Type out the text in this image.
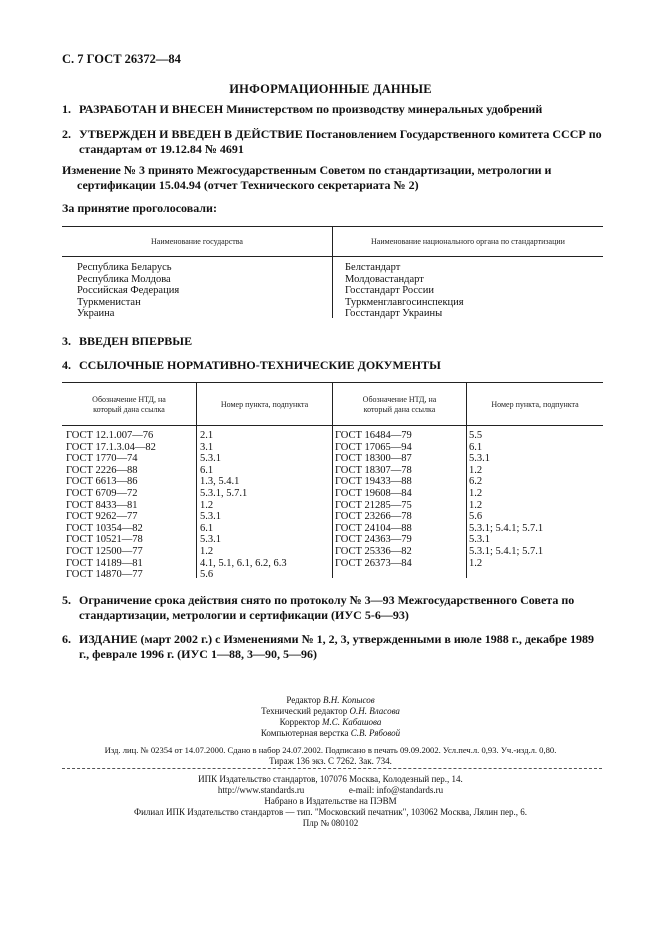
С. 7 ГОСТ 26372—84
ИНФОРМАЦИОННЫЕ ДАННЫЕ
1. РАЗРАБОТАН И ВНЕСЕН Министерством по производству минеральных удобрений
2. УТВЕРЖДЕН И ВВЕДЕН В ДЕЙСТВИЕ Постановлением Государственного комитета СССР по стандартам от 19.12.84 № 4691
Изменение № 3 принято Межгосударственным Советом по стандартизации, метрологии и сертификации 15.04.94 (отчет Технического секретариата № 2)
За принятие проголосовали:
Наименование государства	Наименование национального органа по стандартизации
Республика Беларусь
Республика Молдова
Российская Федерация
Туркменистан
Украина
Белстандарт
Молдовастандарт
Госстандарт России
Туркменглавгосинспекция
Госстандарт Украины
3. ВВЕДЕН ВПЕРВЫЕ
4. ССЫЛОЧНЫЕ НОРМАТИВНО-ТЕХНИЧЕСКИЕ ДОКУМЕНТЫ
Обозначение НТД, на
который дана ссылка
Номер пункта, подпункта
Обозначение НТД, на
который дана ссылка
Номер пункта, подпункта
ГОСТ 12.1.007—76
ГОСТ 17.1.3.04—82
ГОСТ 1770—74
ГОСТ 2226—88
ГОСТ 6613—86
ГОСТ 6709—72
ГОСТ 8433—81
ГОСТ 9262—77
ГОСТ 10354—82
ГОСТ 10521—78
ГОСТ 12500—77
ГОСТ 14189—81
ГОСТ 14870—77
2.1
3.1
5.3.1
6.1
1.3, 5.4.1
5.3.1, 5.7.1
1.2
5.3.1
6.1
5.3.1
1.2
4.1, 5.1, 6.1, 6.2, 6.3
5.6
ГОСТ 16484—79
ГОСТ 17065—94
ГОСТ 18300—87
ГОСТ 18307—78
ГОСТ 19433—88
ГОСТ 19608—84
ГОСТ 21285—75
ГОСТ 23266—78
ГОСТ 24104—88
ГОСТ 24363—79
ГОСТ 25336—82
ГОСТ 26373—84
5.5
6.1
5.3.1
1.2
6.2
1.2
1.2
5.6
5.3.1; 5.4.1; 5.7.1
5.3.1
5.3.1; 5.4.1; 5.7.1
1.2
5. Ограничение срока действия снято по протоколу № 3—93 Межгосударственного Совета по стандартизации, метрологии и сертификации (ИУС 5-6—93)
6. ИЗДАНИЕ (март 2002 г.) с Изменениями № 1, 2, 3, утвержденными в июле 1988 г., декабре 1989 г., феврале 1996 г. (ИУС 1—88, 3—90, 5—96)
Редактор В.Н. Копысов
Технический редактор О.Н. Власова
Корректор М.С. Кабашова
Компьютерная верстка С.В. Рябовой
Изд. лиц. № 02354 от 14.07.2000. Сдано в набор 24.07.2002. Подписано в печать 09.09.2002. Усл.печ.л. 0,93. Уч.-изд.л. 0,80.
Тираж 136 экз. С 7262. Зак. 734.
ИПК Издательство стандартов, 107076 Москва, Колодезный пер., 14.
http://www.standards.ru	e-mail: info@standards.ru
Набрано в Издательстве на ПЭВМ
Филиал ИПК Издательство стандартов — тип. "Московский печатник", 103062 Москва, Лялин пер., 6.
Плр № 080102
